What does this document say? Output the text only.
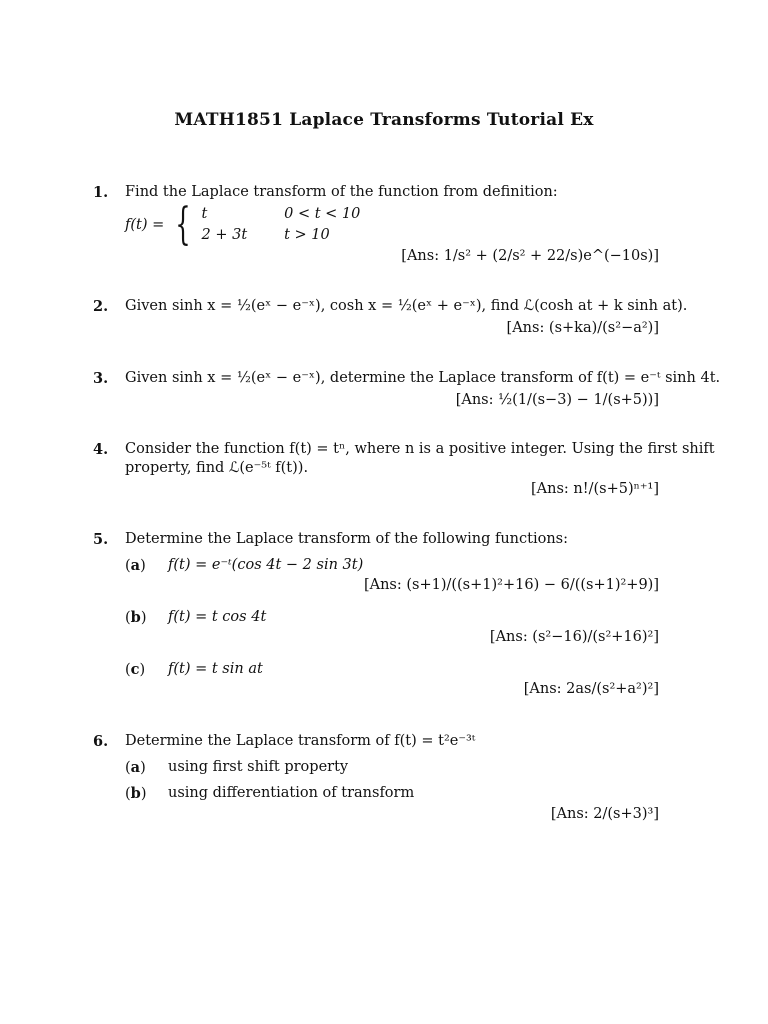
MATH1851 Laplace Transforms Tutorial Ex
1. Find the Laplace transform of the function from definition:
f(t) = { t	0 < t < 10
2 + 3t	t > 10
[Ans: 1/s² + (2/s² + 22/s)e^(−10s)]
2. Given sinh x = ½(eˣ − e⁻ˣ), cosh x = ½(eˣ + e⁻ˣ), find ℒ(cosh at + k sinh at).
[Ans: (s+ka)/(s²−a²)]
3. Given sinh x = ½(eˣ − e⁻ˣ), determine the Laplace transform of f(t) = e⁻ᵗ sinh 4t.
[Ans: ½(1/(s−3) − 1/(s+5))]
4. Consider the function f(t) = tⁿ, where n is a positive integer. Using the first shift
property, find ℒ(e⁻⁵ᵗ f(t)).
[Ans: n!/(s+5)ⁿ⁺¹]
5. Determine the Laplace transform of the following functions:
(a) f(t) = e⁻ᵗ(cos 4t − 2 sin 3t)
[Ans: (s+1)/((s+1)²+16) − 6/((s+1)²+9)]
(b) f(t) = t cos 4t
[Ans: (s²−16)/(s²+16)²]
(c) f(t) = t sin at
[Ans: 2as/(s²+a²)²]
6. Determine the Laplace transform of f(t) = t²e⁻³ᵗ
(a) using first shift property
(b) using differentiation of transform
[Ans: 2/(s+3)³]
